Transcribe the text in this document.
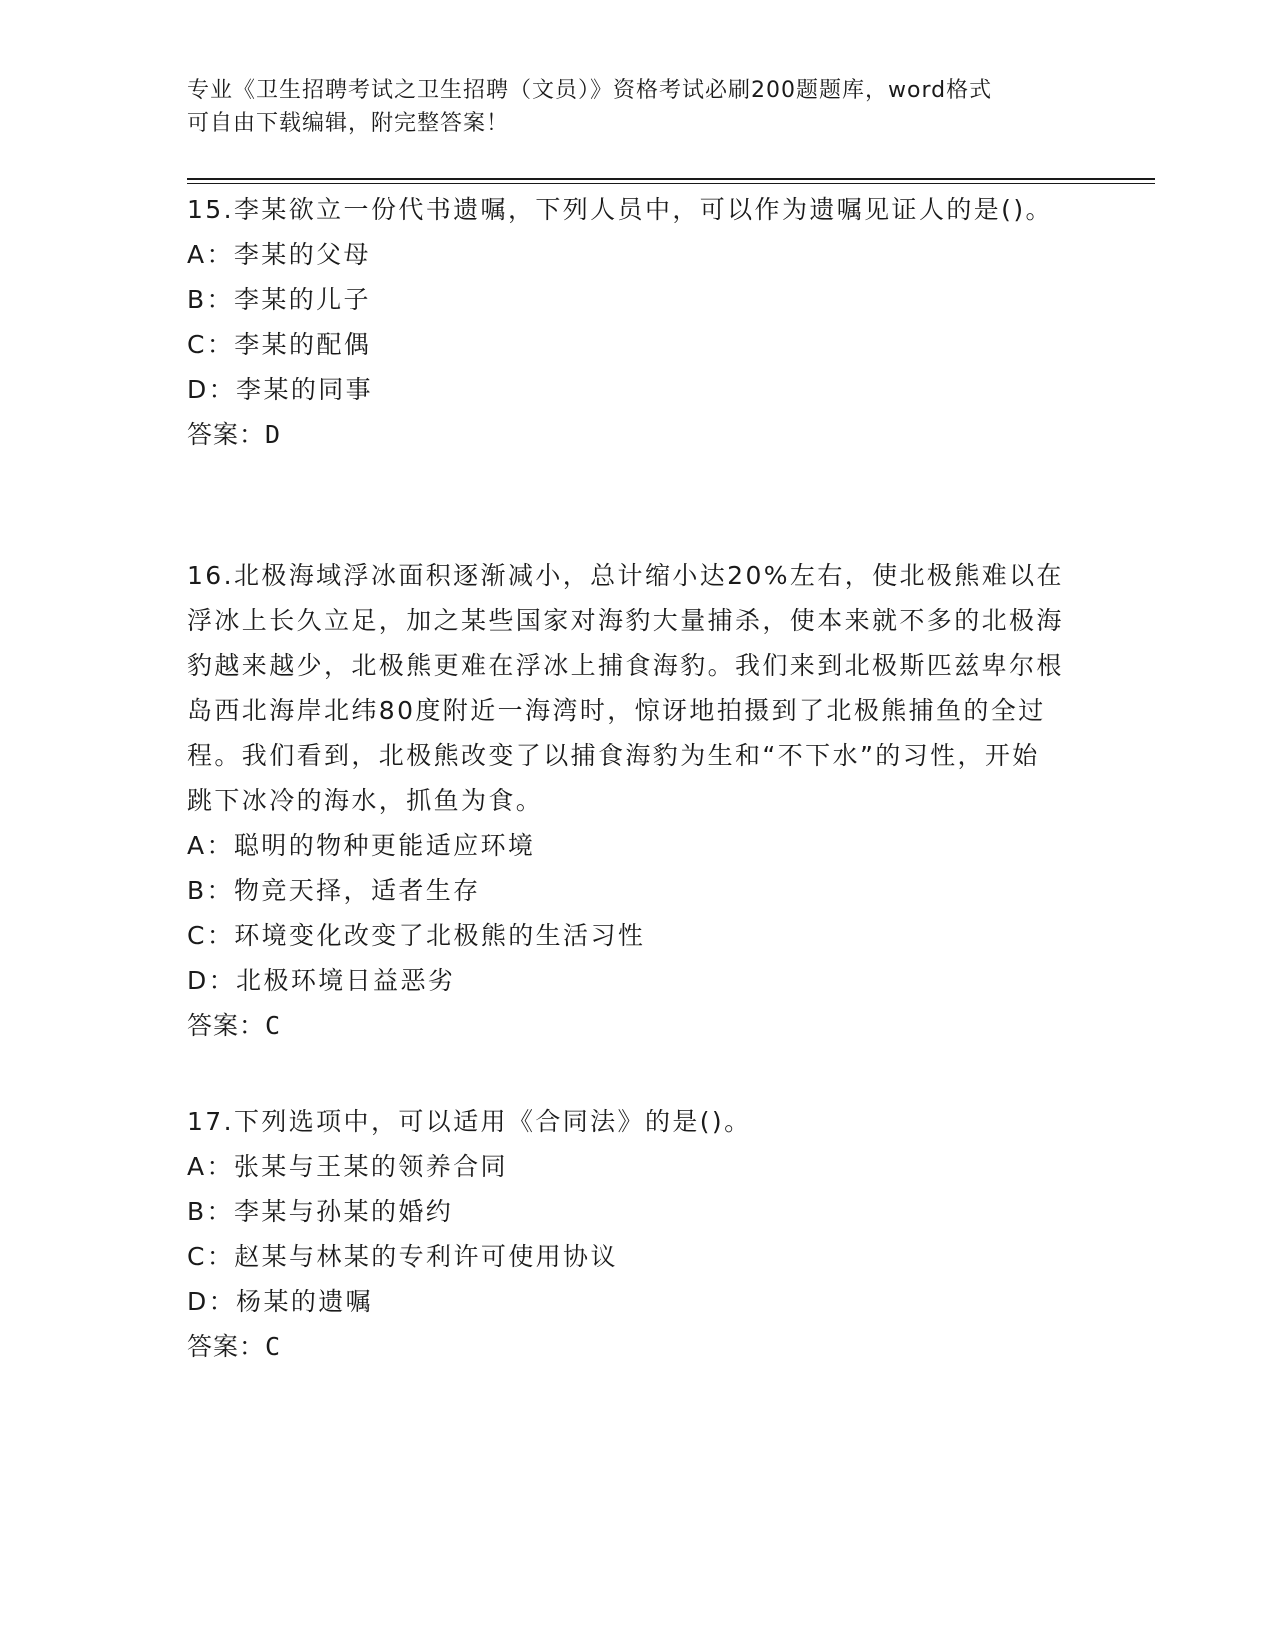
专业《卫生招聘考试之卫生招聘（文员）》资格考试必刷200题题库，word格式
可自由下载编辑，附完整答案！

15.李某欲立一份代书遗嘱，下列人员中，可以作为遗嘱见证人的是()。

A：李某的父母

B：李某的儿子

C：李某的配偶

D：李某的同事

答案：D

16.北极海域浮冰面积逐渐减小，总计缩小达20%左右，使北极熊难以在浮冰上长久立足，加之某些国家对海豹大量捕杀，使本来就不多的北极海豹越来越少，北极熊更难在浮冰上捕食海豹。我们来到北极斯匹兹卑尔根岛西北海岸北纬80度附近一海湾时，惊讶地拍摄到了北极熊捕鱼的全过程。我们看到，北极熊改变了以捕食海豹为生和“不下水”的习性，开始跳下冰冷的海水，抓鱼为食。

A：聪明的物种更能适应环境

B：物竞天择，适者生存

C：环境变化改变了北极熊的生活习性

D：北极环境日益恶劣

答案：C

17.下列选项中，可以适用《合同法》的是()。

A：张某与王某的领养合同

B：李某与孙某的婚约

C：赵某与林某的专利许可使用协议

D：杨某的遗嘱

答案：C
